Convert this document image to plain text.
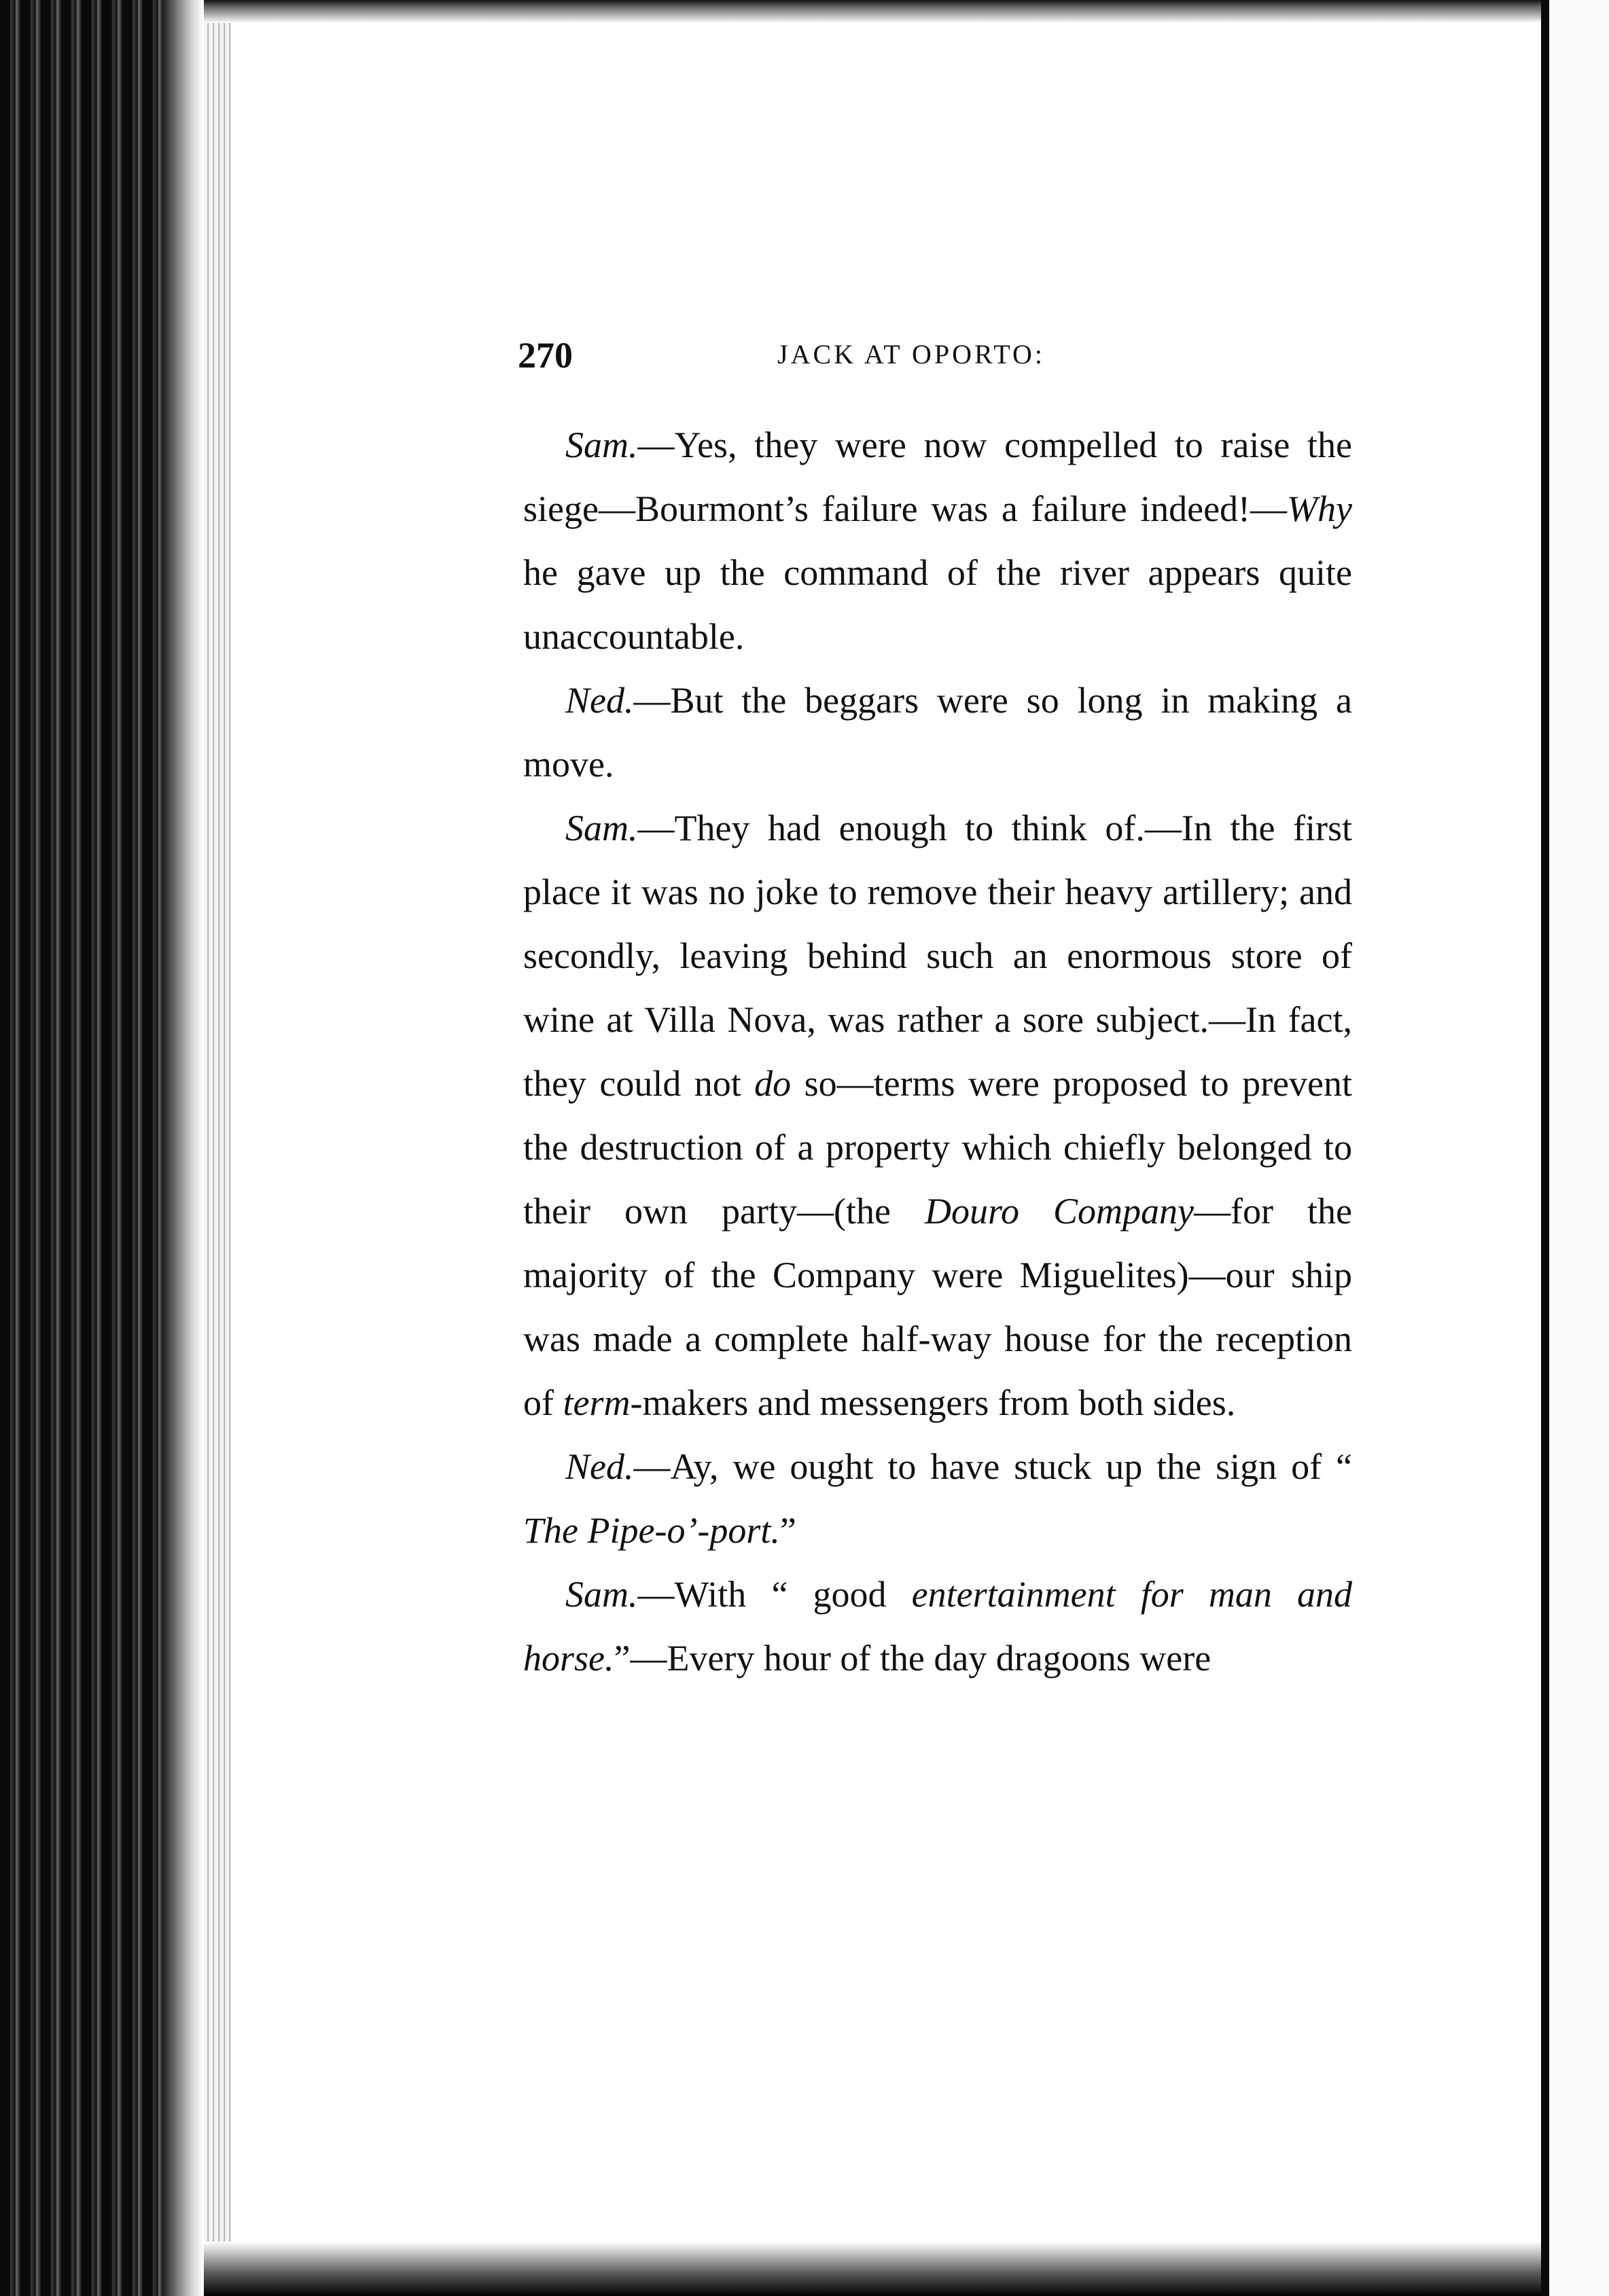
270	JACK AT OPORTO:

Sam.—Yes, they were now compelled to raise the siege—Bourmont’s failure was a failure indeed!—Why he gave up the command of the river appears quite unaccountable.

Ned.—But the beggars were so long in making a move.

Sam.—They had enough to think of.—In the first place it was no joke to remove their heavy artillery; and secondly, leaving behind such an enormous store of wine at Villa Nova, was rather a sore subject.—In fact, they could not do so—terms were proposed to prevent the destruction of a property which chiefly belonged to their own party—(the Douro Company—for the majority of the Company were Miguelites)—our ship was made a complete half-way house for the reception of term-makers and messengers from both sides.

Ned.—Ay, we ought to have stuck up the sign of “ The Pipe-o’-port.”

Sam.—With “ good entertainment for man and horse.”—Every hour of the day dragoons were
